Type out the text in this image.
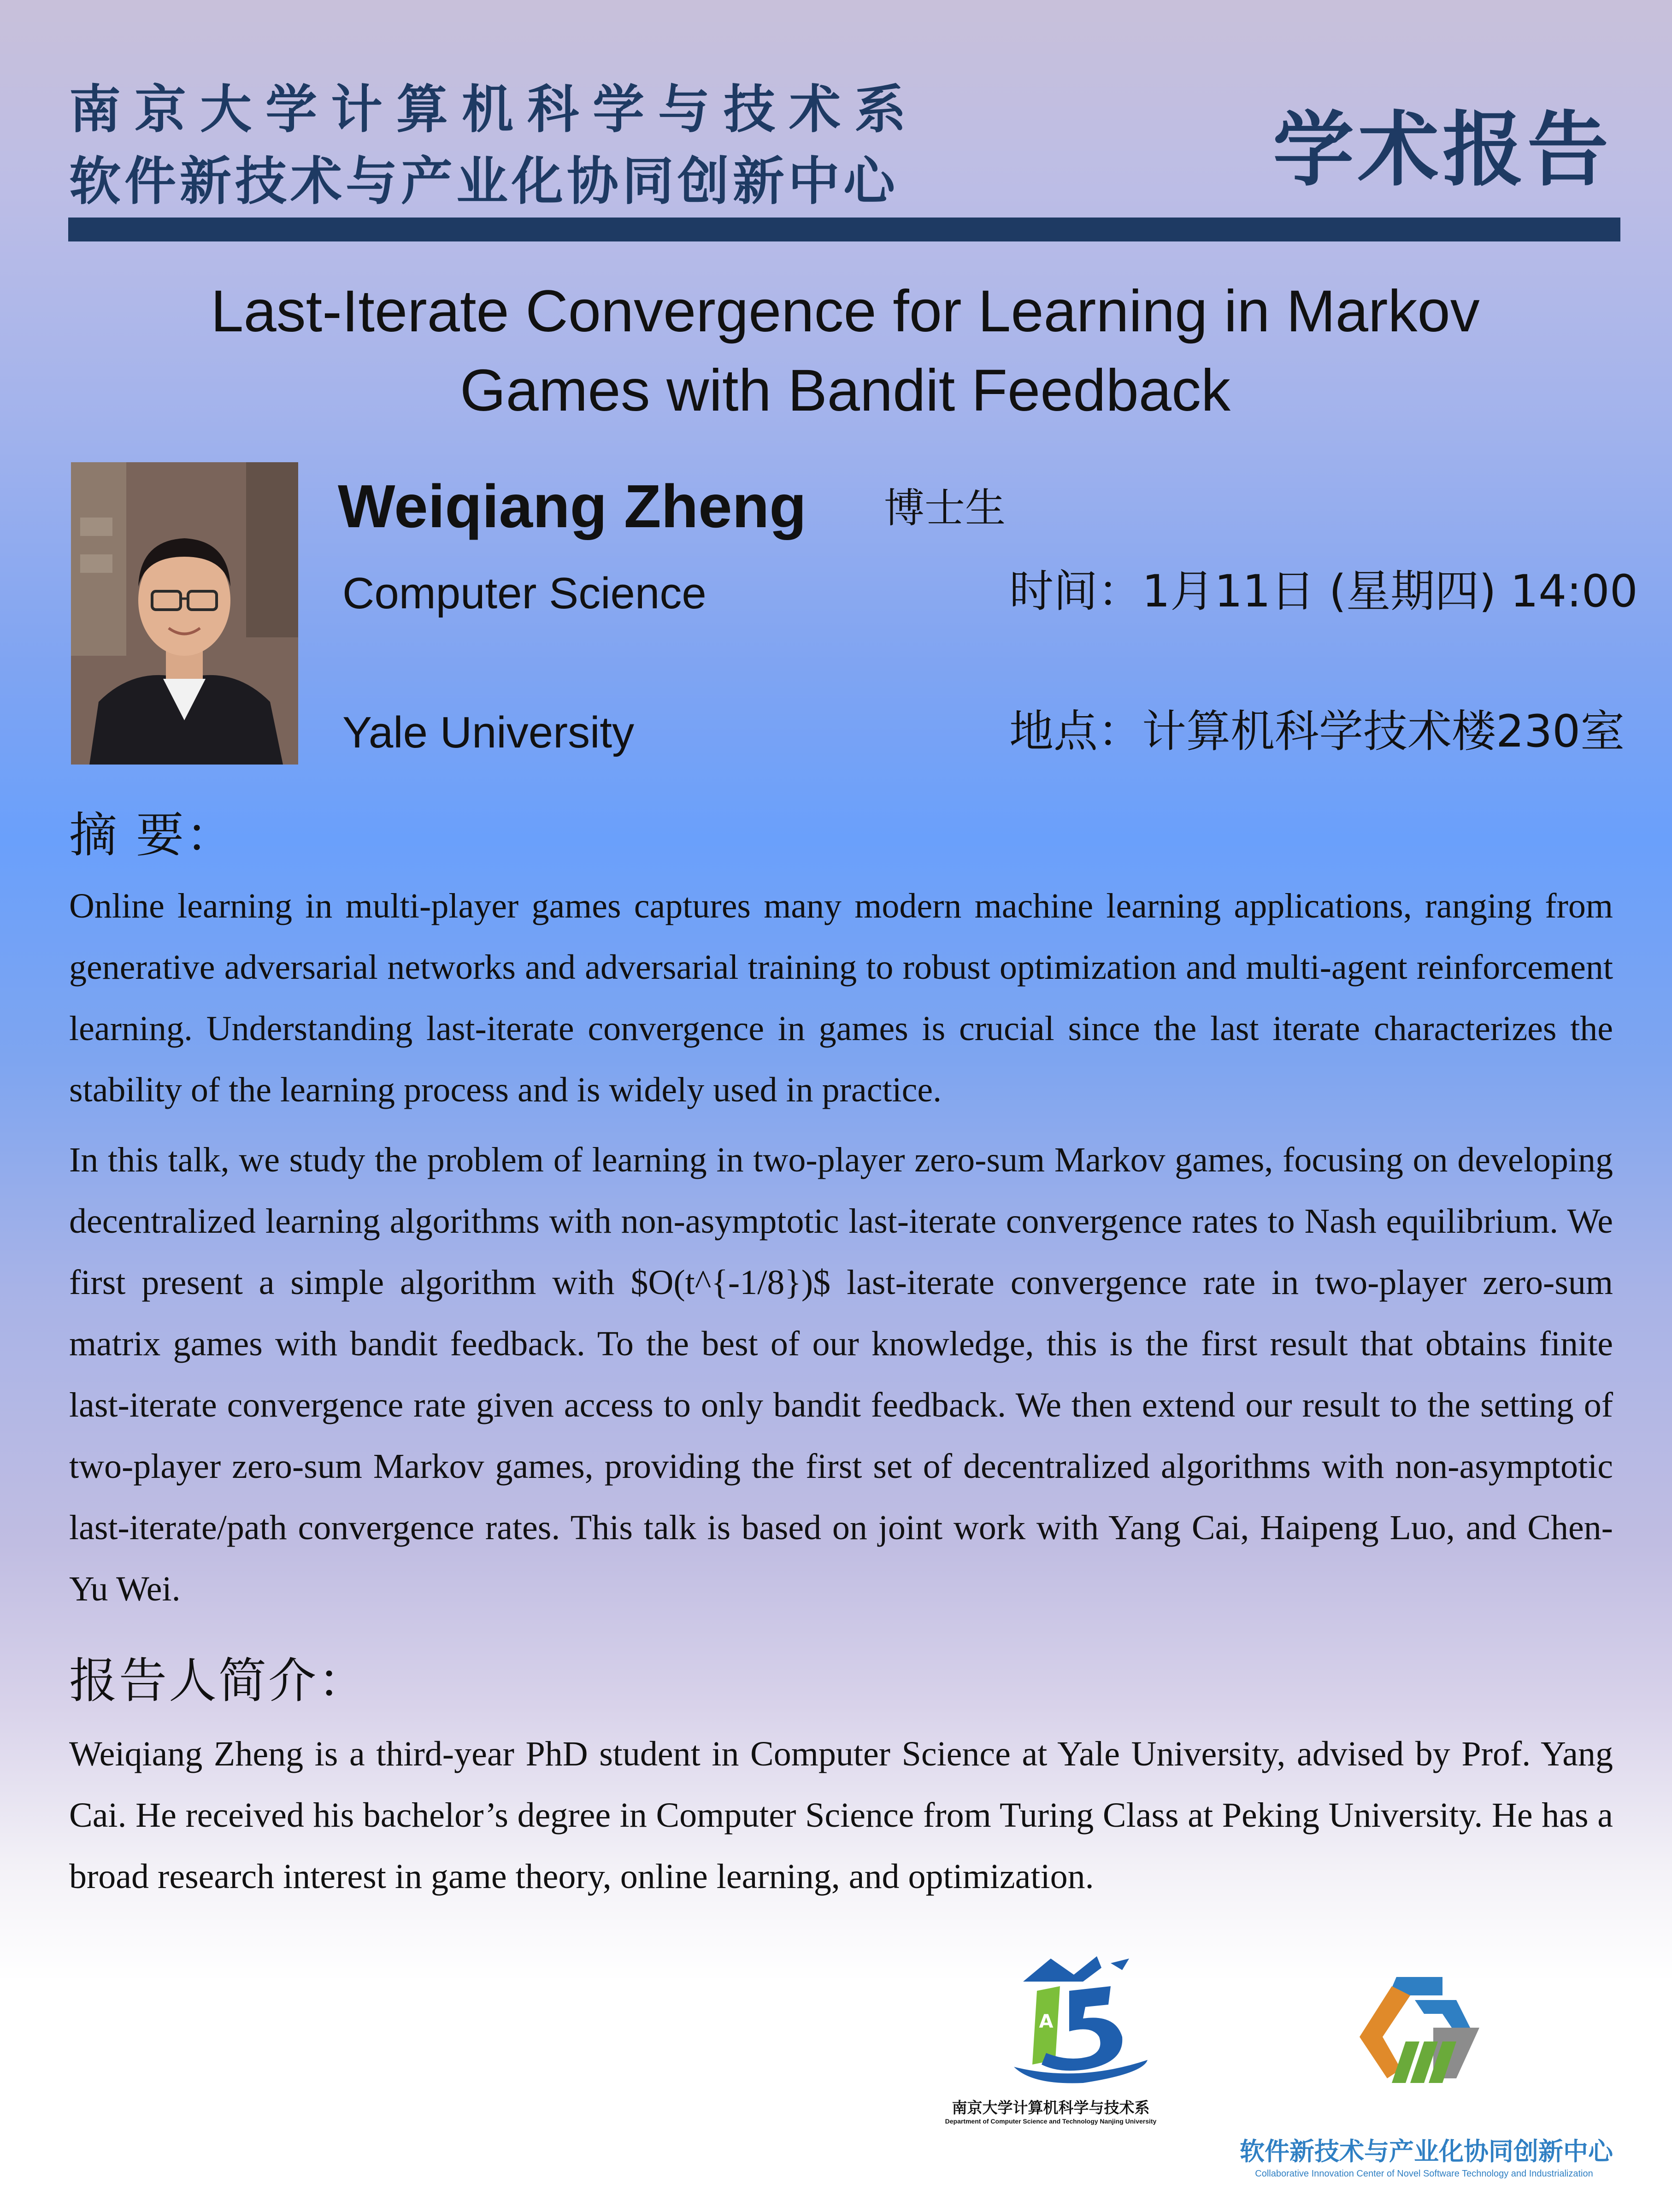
南京大学计算机科学与技术系
软件新技术与产业化协同创新中心	学术报告
Last-Iterate Convergence for Learning in Markov
Games with Bandit Feedback
Weiqiang Zheng 博士生
Computer Science
Yale University
时间：1月11日 (星期四) 14:00
地点：计算机科学技术楼230室
摘 要：
Online learning in multi-player games captures many modern machine learning applications, ranging from generative adversarial networks and adversarial training to robust optimization and multi-agent reinforcement learning. Understanding last-iterate convergence in games is crucial since the last iterate characterizes the stability of the learning process and is widely used in practice.
In this talk, we study the problem of learning in two-player zero-sum Markov games, focusing on developing decentralized learning algorithms with non-asymptotic last-iterate convergence rates to Nash equilibrium. We first present a simple algorithm with $O(t^{-1/8})$ last-iterate convergence rate in two-player zero-sum matrix games with bandit feedback. To the best of our knowledge, this is the first result that obtains finite last-iterate convergence rate given access to only bandit feedback. We then extend our result to the setting of two-player zero-sum Markov games, providing the first set of decentralized algorithms with non-asymptotic last-iterate/path convergence rates. This talk is based on joint work with Yang Cai, Haipeng Luo, and Chen-Yu Wei.
报告人简介：
Weiqiang Zheng is a third-year PhD student in Computer Science at Yale University, advised by Prof. Yang Cai. He received his bachelor’s degree in Computer Science from Turing Class at Peking University. He has a broad research interest in game theory, online learning, and optimization.
A
南京大学计算机科学与技术系
Department of Computer Science and Technology Nanjing University
软件新技术与产业化协同创新中心
Collaborative Innovation Center of Novel Software Technology and Industrialization
